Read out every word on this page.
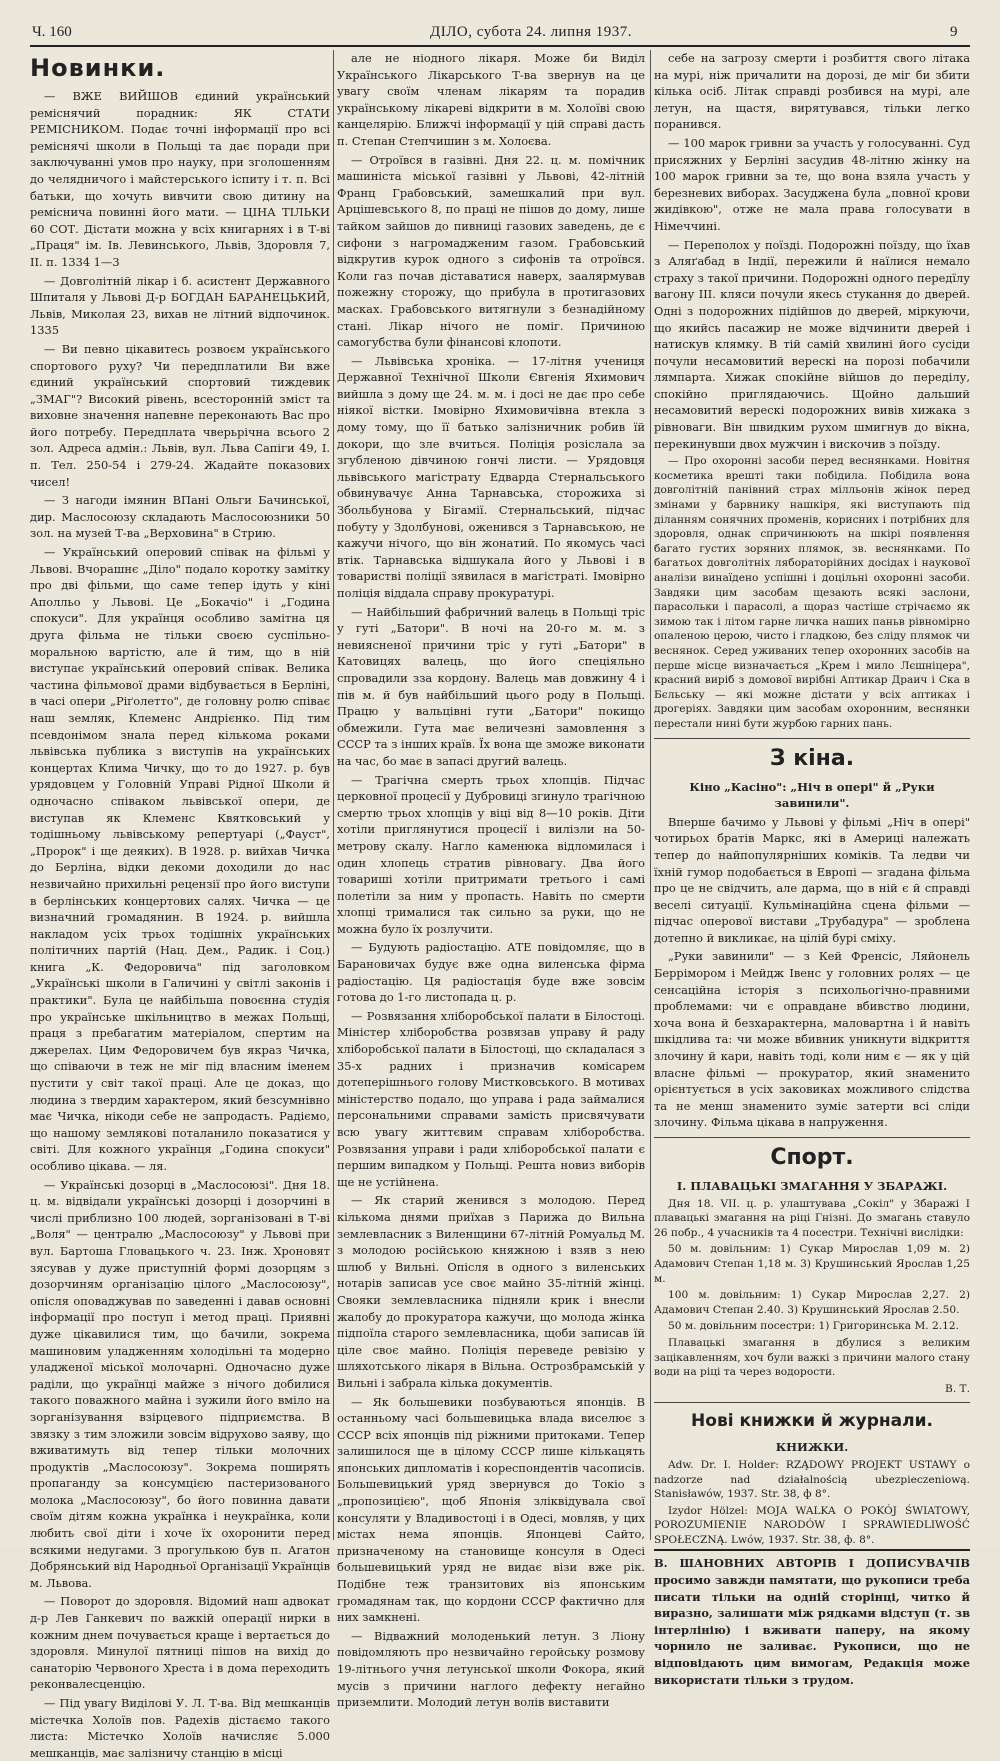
Ч. 160	ДІЛО, субота 24. липня 1937.	9
Новинки.

— ВЖЕ ВИЙШОВ єдиний український реміснячий порадник: ЯК СТАТИ РЕМІСНИКОМ. Подає точні інформації про всі реміснячі школи в Польщі та дає поради при заключуванні умов про науку, при зголошенням до челядничого і майстерського іспиту і т. п. Всі батьки, що хочуть вивчити свою дитину на реміснича повинні його мати. — ЦІНА ТІЛЬКИ 60 СОТ. Дістати можна у всіх книгарнях і в Т-ві „Праця" ім. Ів. Левинського, Львів, Здоровля 7, II. п. 1334 1—3

— Довголітній лікар і б. асистент Державного Шпиталя у Львові Д-р БОГДАН БАРАНЕЦЬКИЙ, Львів, Миколая 23, вихав не літний відпочинок. 1335

— Ви певно цікавитесь розвоєм українського спортового руху? Чи передплатили Ви вже єдиний український спортовий тиждевик „ЗМАГ"? Високий рівень, всесторонній зміст та виховне значення напевне переконають Вас про його потребу. Передплата чверьрічна всього 2 зол. Адреса адмін.: Львів, вул. Льва Сапіги 49, І. п. Тел. 250-54 і 279-24. Жадайте показових чисел!

— З нагоди імянин ВПані Ольги Бачинської, дир. Маслосоюзу складають Маслосоюзники 50 зол. на музей Т-ва „Верховина" в Стрию.

— Український оперовий співак на фільмі у Львові. Вчорашнє „Діло" подало коротку замітку про дві фільми, що саме тепер ідуть у кіні Аполльо у Львові. Це „Бокачіо" і „Година спокуси". Для українця особливо замітна ця друга фільма не тільки своєю суспільно-моральною вартістю, але й тим, що в ній виступає український оперовий співак. Велика частина фільмової драми відбувається в Берліні, в часі опери „Ріґолетто", де головну ролю співає наш земляк, Клеменс Андрієнко. Під тим псевдонімом знала перед кількома роками львівська публика з виступів на українських концертах Клима Чичку, що то до 1927. р. був урядовцем у Головній Управі Рідної Школи й одночасно співаком львівської опери, де виступав як Клеменс Квятковський у тодішньому львівському репертуарі („Фауст", „Пророк" і ще деяких). В 1928. р. вийхав Чичка до Берліна, відки декоми доходили до нас незвичайно прихильні рецензії про його виступи в берлінських концертових салях. Чичка — це визначний громадянин. В 1924. р. вийшла накладом усіх трьох тодішніх українських політичних партій (Нац. Дем., Радик. і Соц.) книга „К. Федоровича" під заголовком „Українські школи в Галичині у світлі законів і практики". Була це найбільша повоєнна студія про українське шкільництво в межах Польщі, праця з пребагатим матеріалом, спертим на джерелах. Цим Федоровичем був якраз Чичка, що співаючи в теж не міг під власним іменем пустити у світ такої праці. Але це доказ, що людина з твердим характером, який безсумнівно має Чичка, нікоди себе не запродасть. Радіємо, що нашому землякові поталанило показатися у світі. Для кожного українця „Година спокуси" особливо цікава. — ля.

— Українські дозорці в „Маслосоюзі". Дня 18. ц. м. відвідали українські дозорці і дозорчині в числі приблизно 100 людей, зорганізовані в Т-ві „Воля" — централю „Маслосоюзу" у Львові при вул. Бартоша Гловацького ч. 23. Інж. Хроновят зясував у дуже приступній формі дозорцям з дозорчиням організацію цілого „Маслосоюзу", опісля оповаджував по заведенні і давав основні інформації про поступ і метод праці. Приявні дуже цікавилися тим, що бачили, зокрема машиновим уладженням холодільні та модерно уладженої міської молочарні. Одночасно дуже раділи, що українці майже з нічого добилися такого поважного майна і зужили його вміло на зорганізування взірцевого підприємства. В звязку з тим зложили зовсім відрухово заяву, що вживатимуть від тепер тільки молочних продуктів „Маслосоюзу". Зокрема поширять пропаганду за консумцією пастеризованого молока „Маслосоюзу", бо його повинна давати своїм дітям кожна українка і неукраїнка, коли любить свої діти і хоче їх охоронити перед всякими недугами. З прогулькою був п. Агатон Добрянський від Народньої Організації Українців м. Львова.

— Поворот до здоровля. Відомий наш адвокат д-р Лев Ганкевич по важкій операції нирки в кожним днем почувається краще і вертається до здоровля. Минулої пятниці пішов на вихід до санаторію Червоного Хреста і в дома переходить реконвалесценцію.

— Під увагу Виділові У. Л. Т-ва. Від мешканців містечка Холоїв пов. Радехів дістаємо такого листа: Містечко Холоїв начисляє 5.000 мешканців, має залізничу станцію в місці

але не ніодного лікаря. Може би Виділ Українського Лікарського Т-ва звернув на це увагу своїм членам лікарям та порадив українському лікареві відкрити в м. Холоїві свою канцелярію. Ближчі інформації у цій справі дасть п. Степан Степчишин з м. Холоєва.

— Отроївся в газівні. Дня 22. ц. м. помічник машиніста міської газівні у Львові, 42-літній Франц Грабовський, замешкалий при вул. Арцішевського 8, по праці не пішов до дому, лише тайком зайшов до пивниці газових заведень, де є сифони з нагромадженим газом. Грабовський відкрутив курок одного з сифонів та отроївся. Коли газ почав діставатися наверх, заалярмував пожежну сторожу, що прибула в протигазових масках. Грабовського витягнули з безнадійному стані. Лікар нічого не поміг. Причиною самогубства були фінансові клопоти.

— Львівська хроніка. — 17-літня учениця Державної Технічної Школи Євгенія Яхимович вийшла з дому ще 24. м. м. і досі не дає про себе ніякої вістки. Імовірно Яхимовичівна втекла з дому тому, що її батько залізничник робив їй докори, що зле вчиться. Поліція розіслала за згубленою дівчиною гончі листи. — Урядовця львівського магістрату Едварда Стернальського обвинувачує Анна Тарнавська, сторожиха зі Збольбунова у Бігамії. Стернальський, підчас побуту у Здолбунові, оженився з Тарнавською, не кажучи нічого, що він жонатий. По якомусь часі втік. Тарнавська відшукала його у Львові і в товаристві поліції зявилася в магістраті. Імовірно поліція віддала справу прокуратурі.

— Найбільший фабричний валець в Польщі тріс у гуті „Батори". В ночі на 20-го м. м. з невиясненої причини тріс у гуті „Батори" в Катовицях валець, що його спеціяльно спровадили зза кордону. Валець мав довжину 4 і пів м. й був найбільший цього роду в Польщі. Працю у вальцівні гути „Батори" покищо обмежили. Гута має величезні замовлення з СССР та з інших країв. Їх вона ще зможе виконати на час, бо має в запасі другий валець.

— Трагічна смерть трьох хлопців. Підчас церковної процесії у Дубровиці згинуло трагічною смертю трьох хлопців у віці від 8—10 років. Діти хотіли приглянутися процесії і вилізли на 50-метрову скалу. Нагло каменюка відломилася і один хлопець стратив рівновагу. Два його товариші хотіли притримати третього і самі полетіли за ним у пропасть. Навіть по смерти хлопці трималися так сильно за руки, що не можна було їх розлучити.

— Будують радіостацію. АТЕ повідомляє, що в Барановичах будує вже одна виленська фірма радіостацію. Ця радіостація буде вже зовсім готова до 1-го листопада ц. р.

— Розвязання хліборобської палати в Білостоці. Міністер хліборобства розвязав управу й раду хліборобської палати в Білостоці, що складалася з 35-х радних і призначив комісарем дотеперішнього голову Мистковського. В мотивах міністерство подало, що управа і рада займалися персональними справами замість присвячувати всю увагу життєвим справам хліборобства. Розвязання управи і ради хліборобської палати є першим випадком у Польщі. Решта новиз виборів ще не устійнена.

— Як старий женився з молодою. Перед кількома днями приїхав з Парижа до Вильна землевласник з Виленщини 67-літній Ромуальд М. з молодою російською княжною і взяв з нею шлюб у Вильні. Опісля в одного з виленських нотарів записав усе своє майно 35-літній жінці. Свояки землевласника підняли крик і внесли жалобу до прокуратора кажучи, що молода жінка підпоїла старого землевласника, щоби записав їй ціле своє майно. Поліція переведе ревізію у шляхотського лікаря в Вільна. Острозбрамській у Вильні і забрала кілька документів.

— Як большевики позбуваються японців. В останньому часі большевицька влада виселює з СССР всіх японців під ріжними притоками. Тепер залишилося ще в цілому СССР лише кількацять японських дипломатів і кореспондентів часописів. Большевицький уряд звернувся до Токіо з „пропозицією", щоб Японія зліквідувала свої консуляти у Владивостоці і в Одесі, мовляв, у цих містах нема японців. Японцеві Сайто, призначеному на становище консуля в Одесі большевицький уряд не видає візи вже рік. Подібне теж транзитових віз японським громадянам так, що кордони СССР фактично для них замкнені.

— Відважний молоденький летун. З Ліону повідомляють про незвичайно геройську розмову 19-літнього учня летунської школи Фокора, який мусів з причини наглого дефекту негайно приземлити. Молодий летун волів виставити

себе на загрозу смерти і розбиття свого літака на мурі, ніж причалити на дорозі, де міг би збити кілька осіб. Літак справді розбився на мурі, але летун, на щастя, вирятувався, тільки легко поранився.

— 100 марок гривни за участь у голосуванні. Суд присяжних у Берліні засудив 48-літню жінку на 100 марок гривни за те, що вона взяла участь у березневих виборах. Засуджена була „повної крови жидівкою", отже не мала права голосувати в Німеччині.

— Переполох у поїзді. Подорожні поїзду, що їхав з Аляґабад в Індії, пережили й наїлися немало страху з такої причини. Подорожні одного передїлу вагону ІІІ. кляси почули якесь стукання до дверей. Одні з подорожних підійшов до дверей, міркуючи, що якийсь пасажир не може відчинити дверей і натискув клямку. В тій самій хвилині його сусіди почули несамовитий верескі на порозі побачили лямпарта. Хижак спокійне війшов до переділу, спокійно приглядаючись. Щойно дальший несамовитий верескі подорожних вивів хижака з рівноваги. Він швидким рухом шмигнув до вікна, перекинувши двох мужчин і вискочив з поїзду.

— Про охоронні засоби перед веснянками. Новітня косметика врешті таки побідила. Побідила вона довголітній панівний страх мілльонів жінок перед змінами у барвнику нашкіря, які виступають під діланням сонячних променів, корисних і потрібних для здоровля, однак спричинюють на шкірі появлення багато густих зоряних плямок, зв. веснянками. По багатьох довголітніх лябораторійних досідах і наукової аналізи винаїдено успішні і доцільні охоронні засоби. Завдяки цим засобам щезають всякі заслони, парасольки і парасолі, а щораз частіше стрічаємо як зимою так і літом гарне личка наших паньв рівномірно опаленою церою, чисто і гладкою, без сліду плямок чи веснянок. Серед уживаних тепер охоронних засобів на перше місце визначається „Крем і мило Лєшніцера", красний виріб з домової вирібні Аптикар Драич і Ска в Бєльську — які можне дістати у всіх аптиках і дрогеріях. Завдяки цим засобам охоронним, веснянки перестали нині бути журбою гарних пань.

З кіна.
Кіно „Касіно": „Ніч в опері" й „Руки завинили".

Вперше бачимо у Львові у фільмі „Ніч в опері" чотирьох братів Маркс, які в Америці належать тепер до найпопулярніших коміків. Та ледви чи їхній гумор подобається в Европі — згадана фільма про це не свідчить, але дарма, що в ній є й справді веселі ситуації. Кульмінаційна сцена фільми — підчас оперової вистави „Трубадура" — зроблена дотепно й викликає, на цілій бурі сміху.

„Руки завинили" — з Кей Френсіс, Ляйонель Беррімором і Мейдж Івенс у головних ролях — це сенсаційна історія з психольогічно-правними проблемами: чи є оправдане вбивство людини, хоча вона й безхарактерна, маловартна і й навіть шкідлива та: чи може вбивник уникнути відкриття злочину й кари, навіть тоді, коли ним є — як у цій власне фільмі — прокуратор, який знаменито орієнтується в усіх заковиках можливого слідства та не менш знаменито зуміє затерти всі сліди злочину. Фільма цікава в напруження.

Спорт.
І. ПЛАВАЦЬКІ ЗМАГАННЯ У ЗБАРАЖІ.

Дня 18. VII. ц. р. улаштувава „Сокіл" у Збаражі І плавацькі змагання на ріці Гнізні. До змагань ставуло 26 побр., 4 учасників та 4 посестри. Технічні вислідки:

50 м. довільним: 1) Сукар Мирослав 1,09 м. 2) Адамович Степан 1,18 м. 3) Крушинський Ярослав 1,25 м.

100 м. довільним: 1) Сукар Мирослав 2,27. 2) Адамович Степан 2.40. 3) Крушинський Ярослав 2.50.

50 м. довільним посестри: 1) Григоринська М. 2.12.

Плавацькі змагання в дбулися з великим зацікавленням, хоч були важкі з причини малого стану води на ріці та через водорости.

В. Т.

Нові книжки й журнали.
КНИЖКИ.

Adw. Dr. I. Holder: RZĄDOWY PROJEKT USTAWY o nadzorze nad działalnością ubezpieczeniową. Stanisławów, 1937. Str. 38, ф 8°.

Izydor Hölzel: MOJA WALKA O POKÓJ ŚWIATOWY, POROZUMIENIE NARODÓW I SPRAWIEDLIWOŚĆ SPOŁECZNĄ. Lwów, 1937. Str. 38, ф. 8°.

В. ШАНОВНИХ АВТОРІВ І ДОПИСУВАЧІВ просимо завжди памятати, що рукописи треба писати тільки на одній сторінці, читко й виразно, залишати між рядками відступ (т. зв інтерлінію) і вживати паперу, на якому чорнило не заливає. Рукописи, що не відповідають цим вимогам, Редакція може використати тільки з трудом.
